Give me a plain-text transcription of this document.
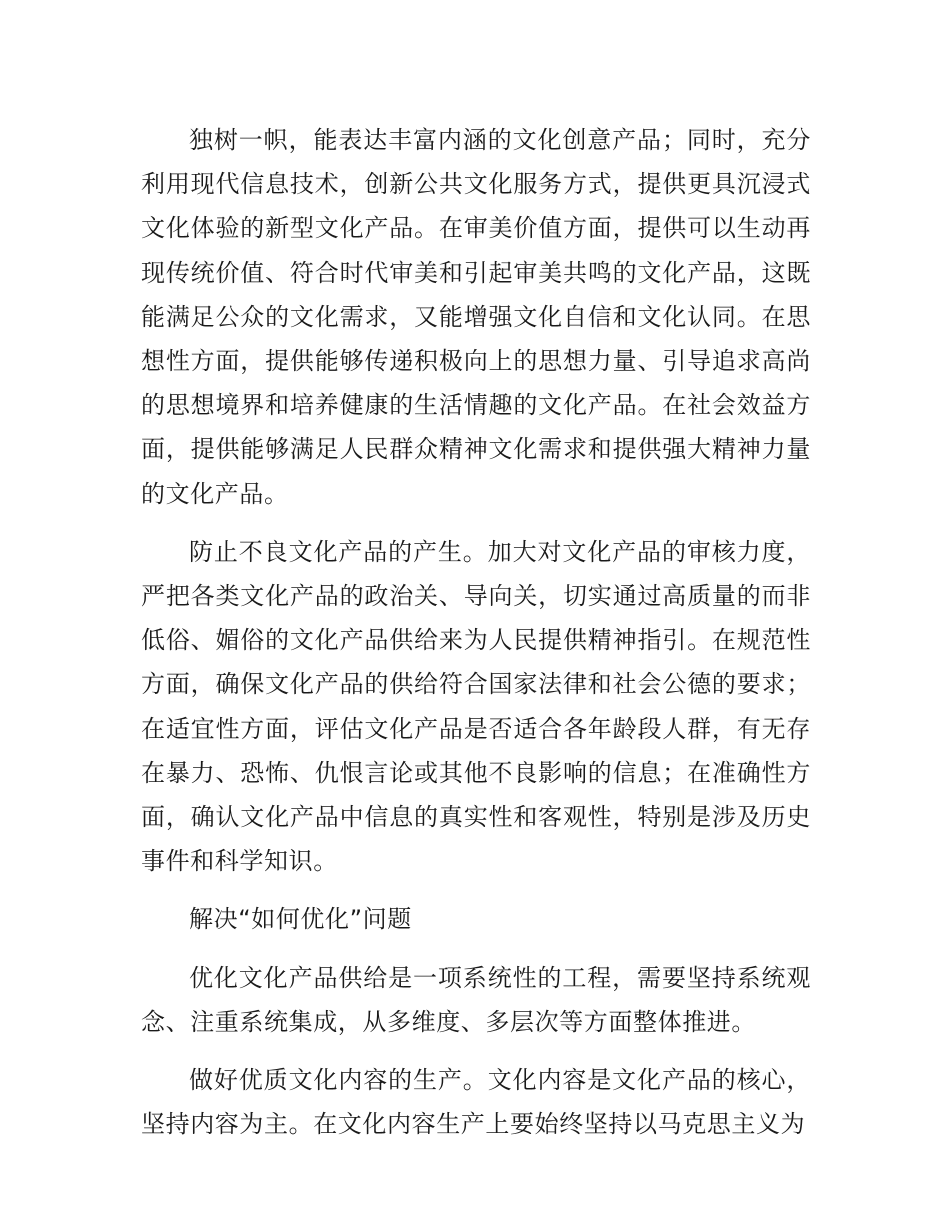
独树一帜，能表达丰富内涵的文化创意产品；同时，充分利用现代信息技术，创新公共文化服务方式，提供更具沉浸式文化体验的新型文化产品。在审美价值方面，提供可以生动再现传统价值、符合时代审美和引起审美共鸣的文化产品，这既能满足公众的文化需求，又能增强文化自信和文化认同。在思想性方面，提供能够传递积极向上的思想力量、引导追求高尚的思想境界和培养健康的生活情趣的文化产品。在社会效益方面，提供能够满足人民群众精神文化需求和提供强大精神力量的文化产品。

防止不良文化产品的产生。加大对文化产品的审核力度，严把各类文化产品的政治关、导向关，切实通过高质量的而非低俗、媚俗的文化产品供给来为人民提供精神指引。在规范性方面，确保文化产品的供给符合国家法律和社会公德的要求；在适宜性方面，评估文化产品是否适合各年龄段人群，有无存在暴力、恐怖、仇恨言论或其他不良影响的信息；在准确性方面，确认文化产品中信息的真实性和客观性，特别是涉及历史事件和科学知识。

解决“如何优化”问题

优化文化产品供给是一项系统性的工程，需要坚持系统观念、注重系统集成，从多维度、多层次等方面整体推进。

做好优质文化内容的生产。文化内容是文化产品的核心，坚持内容为主。在文化内容生产上要始终坚持以马克思主义为
